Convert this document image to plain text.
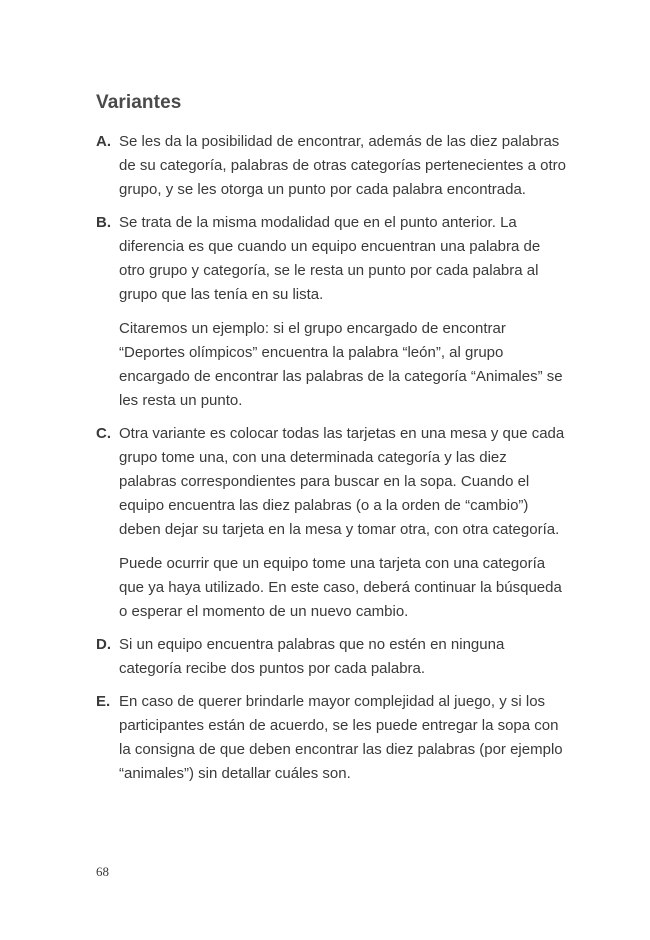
Variantes
A. Se les da la posibilidad de encontrar, además de las diez palabras de su categoría, palabras de otras categorías pertenecientes a otro grupo, y se les otorga un punto por cada palabra encontrada.

B. Se trata de la misma modalidad que en el punto anterior. La diferencia es que cuando un equipo encuentran una palabra de otro grupo y categoría, se le resta un punto por cada palabra al grupo que las tenía en su lista.

Citaremos un ejemplo: si el grupo encargado de encontrar “Deportes olímpicos” encuentra la palabra “león”, al grupo encargado de encontrar las palabras de la categoría “Animales” se les resta un punto.

C. Otra variante es colocar todas las tarjetas en una mesa y que cada grupo tome una, con una determinada categoría y las diez palabras correspondientes para buscar en la sopa. Cuando el equipo encuentra las diez palabras (o a la orden de “cambio”) deben dejar su tarjeta en la mesa y tomar otra, con otra categoría.

Puede ocurrir que un equipo tome una tarjeta con una categoría que ya haya utilizado. En este caso, deberá continuar la búsqueda o esperar el momento de un nuevo cambio.

D. Si un equipo encuentra palabras que no estén en ninguna categoría recibe dos puntos por cada palabra.

E. En caso de querer brindarle mayor complejidad al juego, y si los participantes están de acuerdo, se les puede entregar la sopa con la consigna de que deben encontrar las diez palabras (por ejemplo “animales”) sin detallar cuáles son.

68
